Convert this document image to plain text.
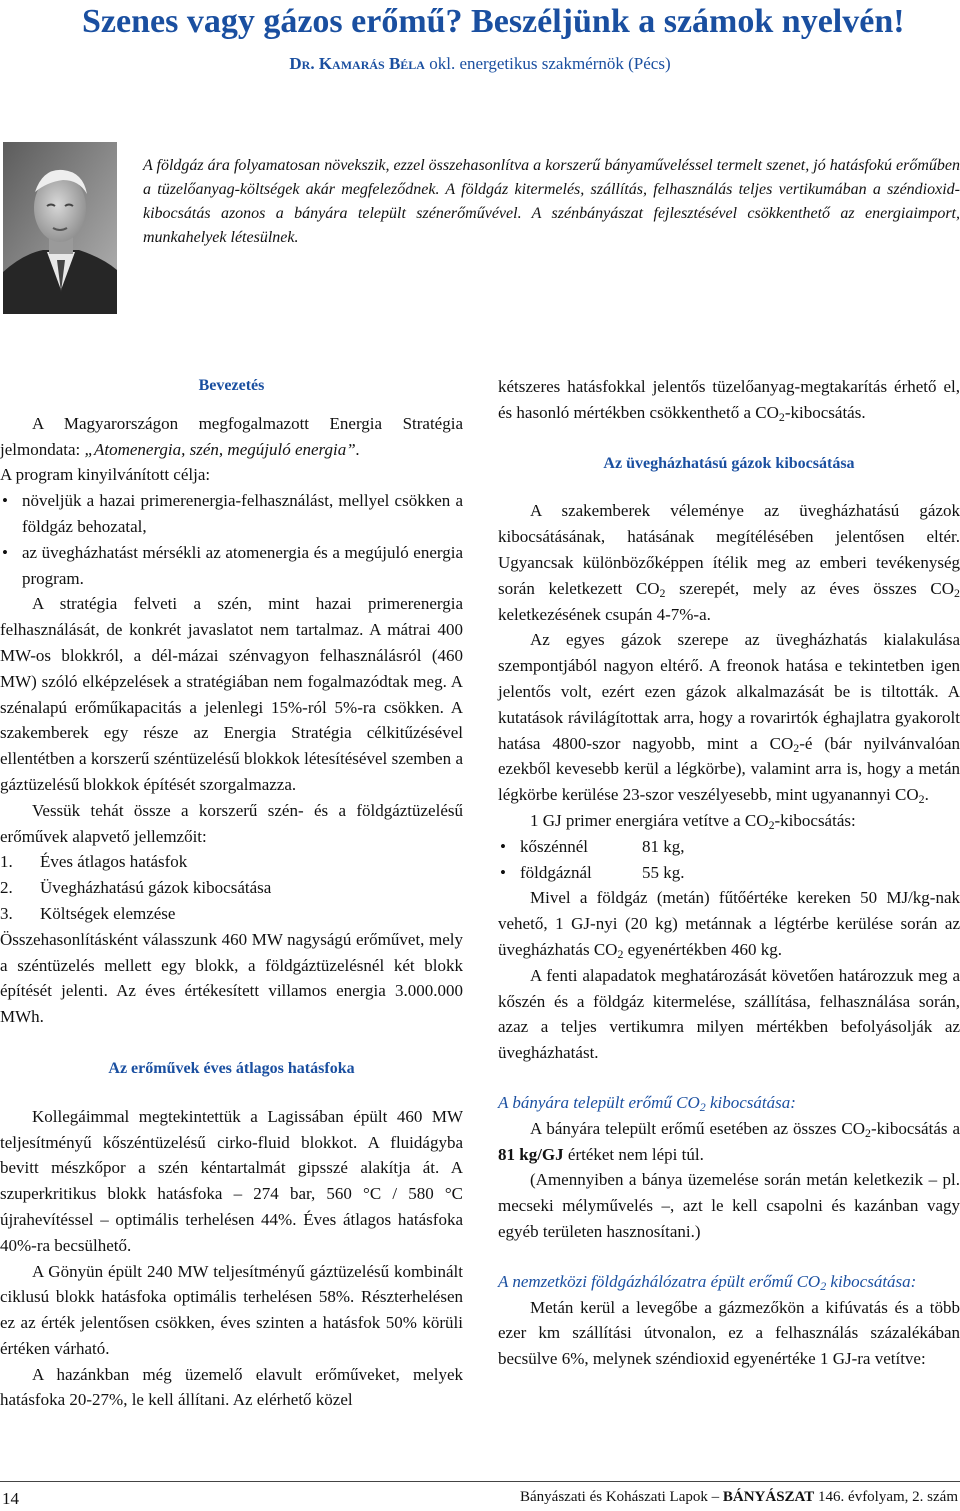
Szenes vagy gázos erőmű? Beszéljünk a számok nyelvén!
Dr. Kamarás Béla okl. energetikus szakmérnök (Pécs)
A földgáz ára folyamatosan növekszik, ezzel összehasonlítva a korszerű bányaműveléssel termelt szenet, jó hatásfokú erőműben a tüzelőanyag-költségek akár megfeleződnek. A földgáz kitermelés, szállítás, felhasználás teljes vertikumában a széndioxid-kibocsátás azonos a bányára települt szénerőművével. A szénbányászat fejlesztésével csökkenthető az energiaimport, munkahelyek létesülnek.

Bevezetés

A Magyarországon megfogalmazott Energia Stratégia jelmondata: „Atomenergia, szén, megújuló energia”.

A program kinyilvánított célja:

• növeljük a hazai primerenergia-felhasználást, mellyel csökken a földgáz behozatal,

• az üvegházhatást mérsékli az atomenergia és a megújuló energia program.

A stratégia felveti a szén, mint hazai primerenergia felhasználását, de konkrét javaslatot nem tartalmaz. A mátrai 400 MW-os blokkról, a dél-mázai szénvagyon felhasználásról (460 MW) szóló elképzelések a stratégiában nem fogalmazódtak meg. A szénalapú erőműkapacitás a jelenlegi 15%-ról 5%-ra csökken. A szakemberek egy része az Energia Stratégia célkitűzésével ellentétben a korszerű széntüzelésű blokkok létesítésével szemben a gáztüzelésű blokkok építését szorgalmazza.

Vessük tehát össze a korszerű szén- és a földgáztüzelésű erőművek alapvető jellemzőit:

1. Éves átlagos hatásfok

2. Üvegházhatású gázok kibocsátása

3. Költségek elemzése

Összehasonlításként válasszunk 460 MW nagyságú erőművet, mely a széntüzelés mellett egy blokk, a földgáztüzelésnél két blokk építését jelenti. Az éves értékesített villamos energia 3.000.000 MWh.

Az erőművek éves átlagos hatásfoka

Kollegáimmal megtekintettük a Lagissában épült 460 MW teljesítményű kőszéntüzelésű cirko-fluid blokkot. A fluidágyba bevitt mészkőpor a szén kéntartalmát gipsszé alakítja át. A szuperkritikus blokk hatásfoka – 274 bar, 560 °C / 580 °C újrahevítéssel – optimális terhelésen 44%. Éves átlagos hatásfoka 40%-ra becsülhető.

A Gönyün épült 240 MW teljesítményű gáztüzelésű kombinált ciklusú blokk hatásfoka optimális terhelésen 58%. Részterhelésen ez az érték jelentősen csökken, éves szinten a hatásfok 50% körüli értéken várható.

A hazánkban még üzemelő elavult erőműveket, melyek hatásfoka 20-27%, le kell állítani. Az elérhető közel

kétszeres hatásfokkal jelentős tüzelőanyag-megtakarítás érhető el, és hasonló mértékben csökkenthető a $CO_2$-kibocsátás.

Az üvegházhatású gázok kibocsátása

A szakemberek véleménye az üvegházhatású gázok kibocsátásának, hatásának megítélésében jelentősen eltér. Ugyancsak különbözőképpen ítélik meg az emberi tevékenység során keletkezett $CO_2$ szerepét, mely az éves összes $CO_2$ keletkezésének csupán 4-7%-a.

Az egyes gázok szerepe az üvegházhatás kialakulása szempontjából nagyon eltérő. A freonok hatása e tekintetben igen jelentős volt, ezért ezen gázok alkalmazását be is tiltották. A kutatások rávilágítottak arra, hogy a rovarirtók éghajlatra gyakorolt hatása 4800-szor nagyobb, mint a $CO_2-é$ (bár nyilvánvalóan ezekből kevesebb kerül a légkörbe), valamint arra is, hogy a metán légkörbe kerülése 23-szor veszélyesebb, mint ugyanannyi $CO_2$.

1 GJ primer energiára vetítve a $CO_2$-kibocsátás:

• kőszénnél	81 kg,

• földgáznál	55 kg.

Mivel a földgáz (metán) fűtőértéke kereken 50 MJ/kg-nak vehető, 1 GJ-nyi (20 kg) metánnak a légtérbe kerülése során az üvegházhatás $CO_2$ egyenértékben 460 kg.

A fenti alapadatok meghatározását követően határozzuk meg a kőszén és a földgáz kitermelése, szállítása, felhasználása során, azaz a teljes vertikumra milyen mértékben befolyásolják az üvegházhatást.

A bányára települt erőmű $CO_2$ kibocsátása:

A bányára települt erőmű esetében az összes $CO_2$-kibocsátás a 81 kg/GJ értéket nem lépi túl.

(Amennyiben a bánya üzemelése során metán keletkezik – pl. mecseki mélyművelés –, azt le kell csapolni és kazánban vagy egyéb területen hasznosítani.)

A nemzetközi földgázhálózatra épült erőmű $CO_2$ kibocsátása:

Metán kerül a levegőbe a gázmezőkön a kifúvatás és a több ezer km szállítási útvonalon, ez a felhasználás százalékában becsülve 6%, melynek széndioxid egyenértéke 1 GJ-ra vetítve:

14	Bányászati és Kohászati Lapok – BÁNYÁSZAT 146. évfolyam, 2. szám
